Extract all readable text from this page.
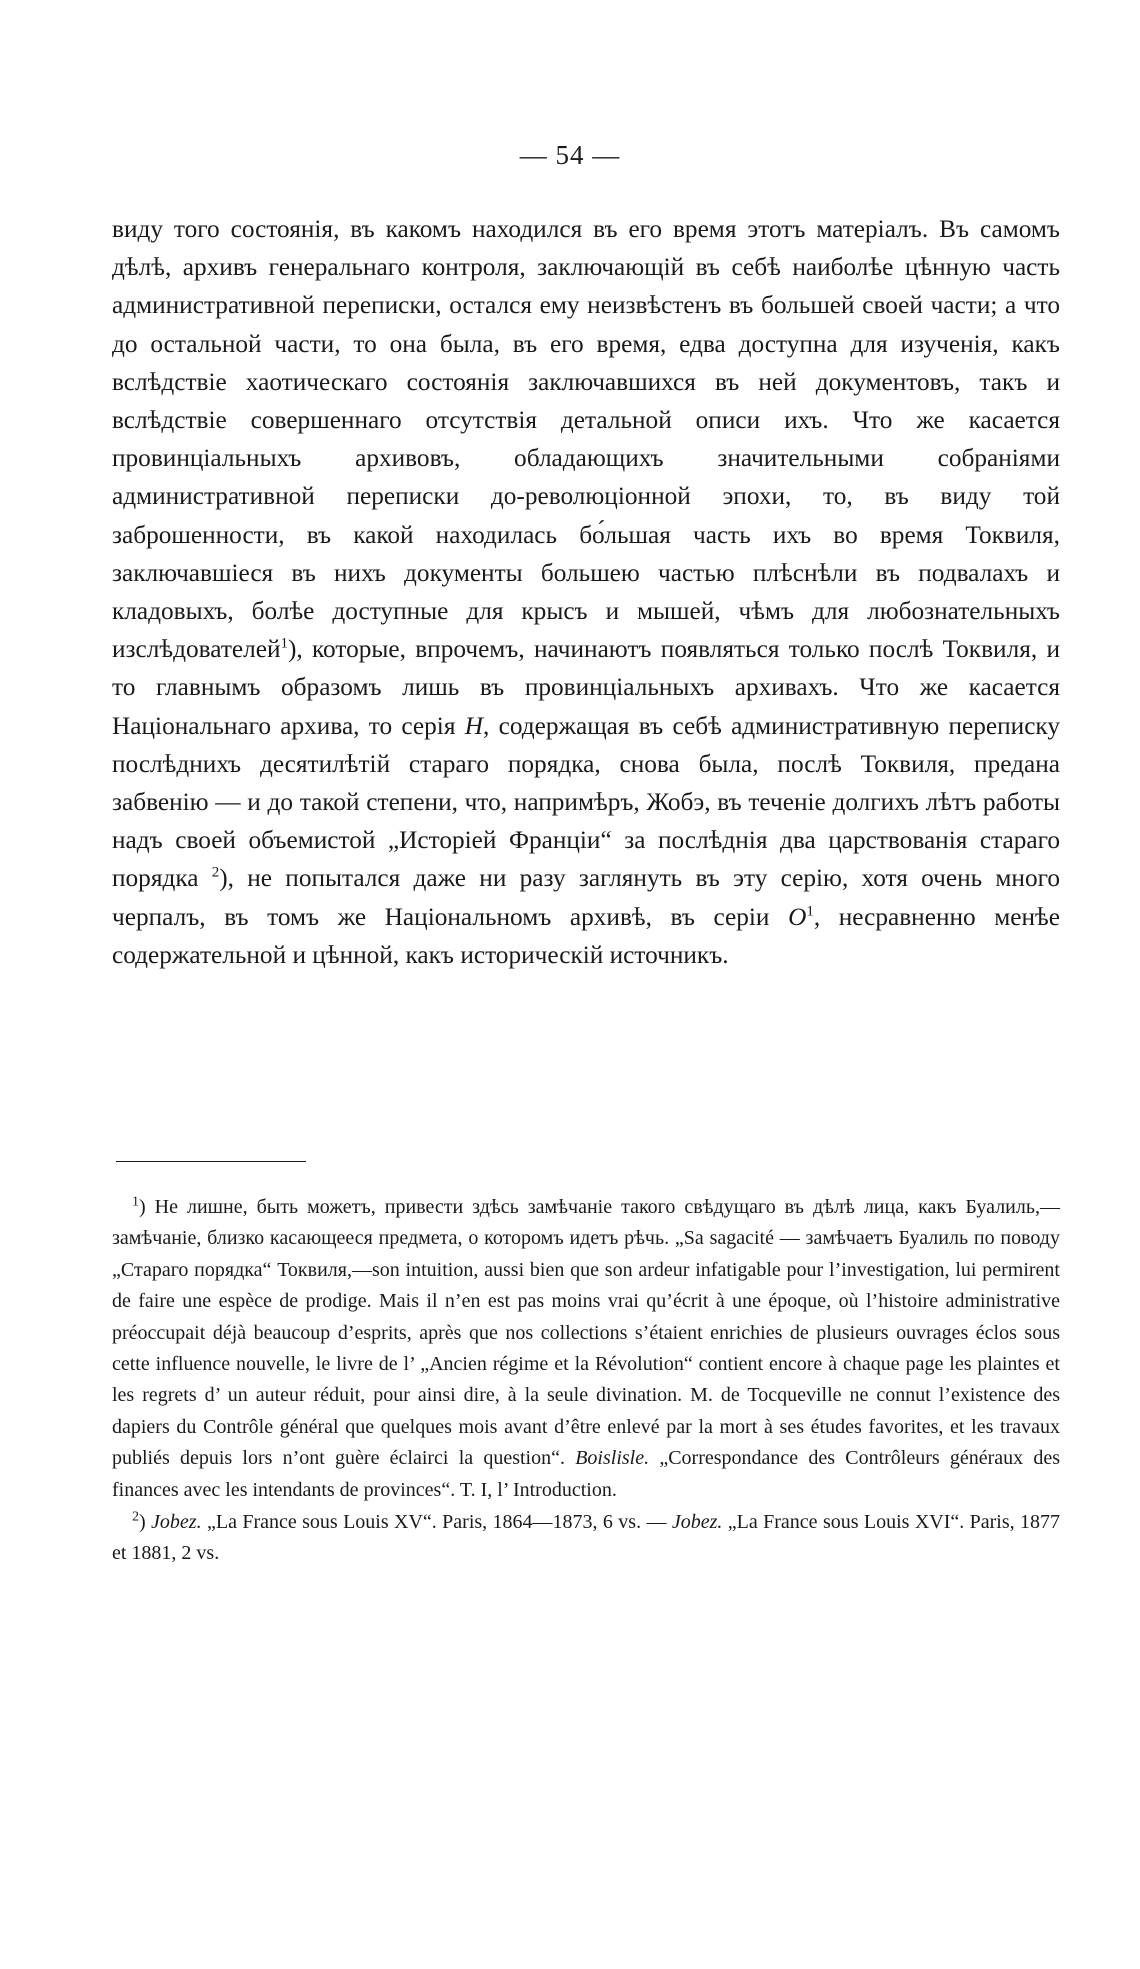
— 54 —

виду того состоянія, въ какомъ находился въ его время этотъ матеріалъ. Въ самомъ дѣлѣ, архивъ генеральнаго контроля, заключающій въ себѣ наиболѣе цѣнную часть административной переписки, остался ему неизвѣстенъ въ большей своей части; а что до остальной части, то она была, въ его время, едва доступна для изученія, какъ вслѣдствіе хаотическаго состоянія заключавшихся въ ней документовъ, такъ и вслѣдствіе совершеннаго отсутствія детальной описи ихъ. Что же касается провинціальныхъ архивовъ, обладающихъ значительными собраніями административной переписки до-революціонной эпохи, то, въ виду той заброшенности, въ какой находилась бо́льшая часть ихъ во время Токвиля, заключавшіеся въ нихъ документы большею частью плѣснѣли въ подвалахъ и кладовыхъ, болѣе доступные для крысъ и мышей, чѣмъ для любознательныхъ изслѣдователей$^1$), которые, впрочемъ, начинаютъ появляться только послѣ Токвиля, и то главнымъ образомъ лишь въ провинціальныхъ архивахъ. Что же касается Національнаго архива, то серія H, содержащая въ себѣ административную переписку послѣднихъ десятилѣтій стараго порядка, снова была, послѣ Токвиля, предана забвенію — и до такой степени, что, напримѣръ, Жобэ, въ теченіе долгихъ лѣтъ работы надъ своей объемистой „Исторіей Франціи“ за послѣднія два царствованія стараго порядка $^2$), не попытался даже ни разу заглянуть въ эту серію, хотя очень много черпалъ, въ томъ же Національномъ архивѣ, въ серіи $O^1$, несравненно менѣе содержательной и цѣнной, какъ историческій источникъ.

$^1$) Не лишне, быть можетъ, привести здѣсь замѣчаніе такого свѣдущаго въ дѣлѣ лица, какъ Буалиль,—замѣчаніе, близко касающееся предмета, о которомъ идетъ рѣчь. „Sa sagacité — замѣчаетъ Буалиль по поводу „Стараго порядка“ Токвиля,—son intuition, aussi bien que son ardeur infatigable pour l’investigation, lui permirent de faire une espèce de prodige. Mais il n’en est pas moins vrai qu’écrit à une époque, où l’histoire administrative préoccupait déjà beaucoup d’esprits, après que nos collections s’étaient enrichies de plusieurs ouvrages éclos sous cette influence nouvelle, le livre de l’ „Ancien régime et la Révolution“ contient encore à chaque page les plaintes et les regrets d’ un auteur réduit, pour ainsi dire, à la seule divination. M. de Tocqueville ne connut l’existence des dapiers du Contrôle général que quelques mois avant d’être enlevé par la mort à ses études favorites, et les travaux publiés depuis lors n’ont guère éclairci la question“. Boislisle. „Correspondance des Contrôleurs généraux des finances avec les intendants de provinces“. T. I, l’ Introduction.

$^2$) Jobez. „La France sous Louis XV“. Paris, 1864—1873, 6 vs. — Jobez. „La France sous Louis XVI“. Paris, 1877 et 1881, 2 vs.
